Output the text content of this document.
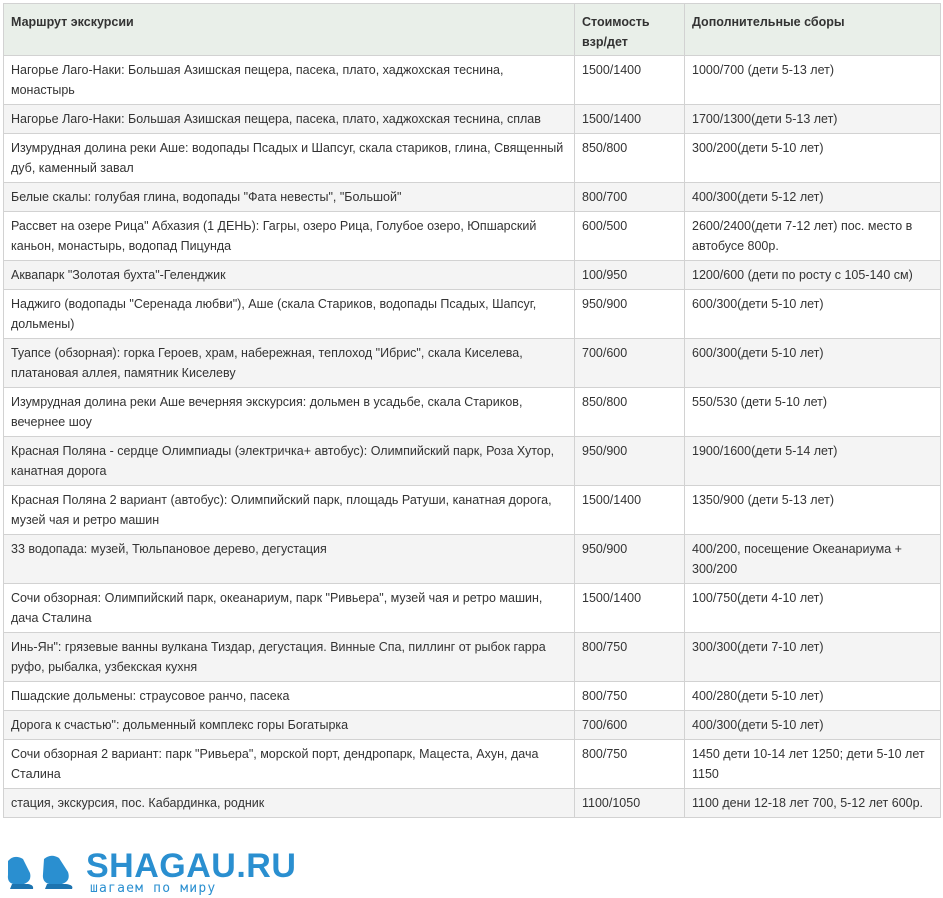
Маршрут экскурсии	Стоимость взр/дет	Дополнительные сборы
Нагорье Лаго-Наки: Большая Азишская пещера, пасека, плато, хаджохская теснина, монастырь	1500/1400	1000/700 (дети 5-13 лет)
Нагорье Лаго-Наки: Большая Азишская пещера, пасека, плато, хаджохская теснина, сплав	1500/1400	1700/1300(дети 5-13 лет)
Изумрудная долина реки Аше: водопады Псадых и Шапсуг, скала стариков, глина, Священный дуб, каменный завал	850/800	300/200(дети 5-10 лет)
Белые скалы: голубая глина, водопады "Фата невесты", "Большой"	800/700	400/300(дети 5-12 лет)
Рассвет на озере Рица" Абхазия (1 ДЕНЬ): Гагры, озеро Рица, Голубое озеро, Юпшарский каньон, монастырь, водопад Пицунда	600/500	2600/2400(дети 7-12 лет) пос. место в автобусе 800р.
Аквапарк "Золотая бухта"-Геленджик	100/950	1200/600 (дети по росту с 105-140 см)
Наджиго (водопады "Серенада любви"), Аше (скала Стариков, водопады Псадых, Шапсуг, дольмены)	950/900	600/300(дети 5-10 лет)
Туапсе (обзорная): горка Героев, храм, набережная, теплоход "Ибрис", скала Киселева, платановая аллея, памятник Киселеву	700/600	600/300(дети 5-10 лет)
Изумрудная долина реки Аше вечерняя экскурсия: дольмен в усадьбе, скала Стариков, вечернее шоу	850/800	550/530 (дети 5-10 лет)
Красная Поляна - сердце Олимпиады (электричка+ автобус): Олимпийский парк, Роза Хутор, канатная дорога	950/900	1900/1600(дети 5-14 лет)
Красная Поляна 2 вариант (автобус): Олимпийский парк, площадь Ратуши, канатная дорога, музей чая и ретро машин	1500/1400	1350/900 (дети 5-13 лет)
33 водопада: музей, Тюльпановое дерево, дегустация	950/900	400/200, посещение Океанариума + 300/200
Сочи обзорная: Олимпийский парк, океанариум, парк "Ривьера", музей чая и ретро машин, дача Сталина	1500/1400	100/750(дети 4-10 лет)
Инь-Ян": грязевые ванны вулкана Тиздар, дегустация. Винные Спа, пиллинг от рыбок гарра руфо, рыбалка, узбекская кухня	800/750	300/300(дети 7-10 лет)
Пшадские дольмены: страусовое ранчо, пасека	800/750	400/280(дети 5-10 лет)
Дорога к счастью": дольменный комплекс горы Богатырка	700/600	400/300(дети 5-10 лет)
Сочи обзорная 2 вариант: парк "Ривьера", морской порт, дендропарк, Мацеста, Ахун, дача Сталина	800/750	1450 дети 10-14 лет 1250; дети 5-10 лет 1150
стация, экскурсия, пос. Кабардинка, родник	1100/1050	1100 дени 12-18 лет 700, 5-12 лет 600р.
SHAGAU.RU
шагаем по миру
